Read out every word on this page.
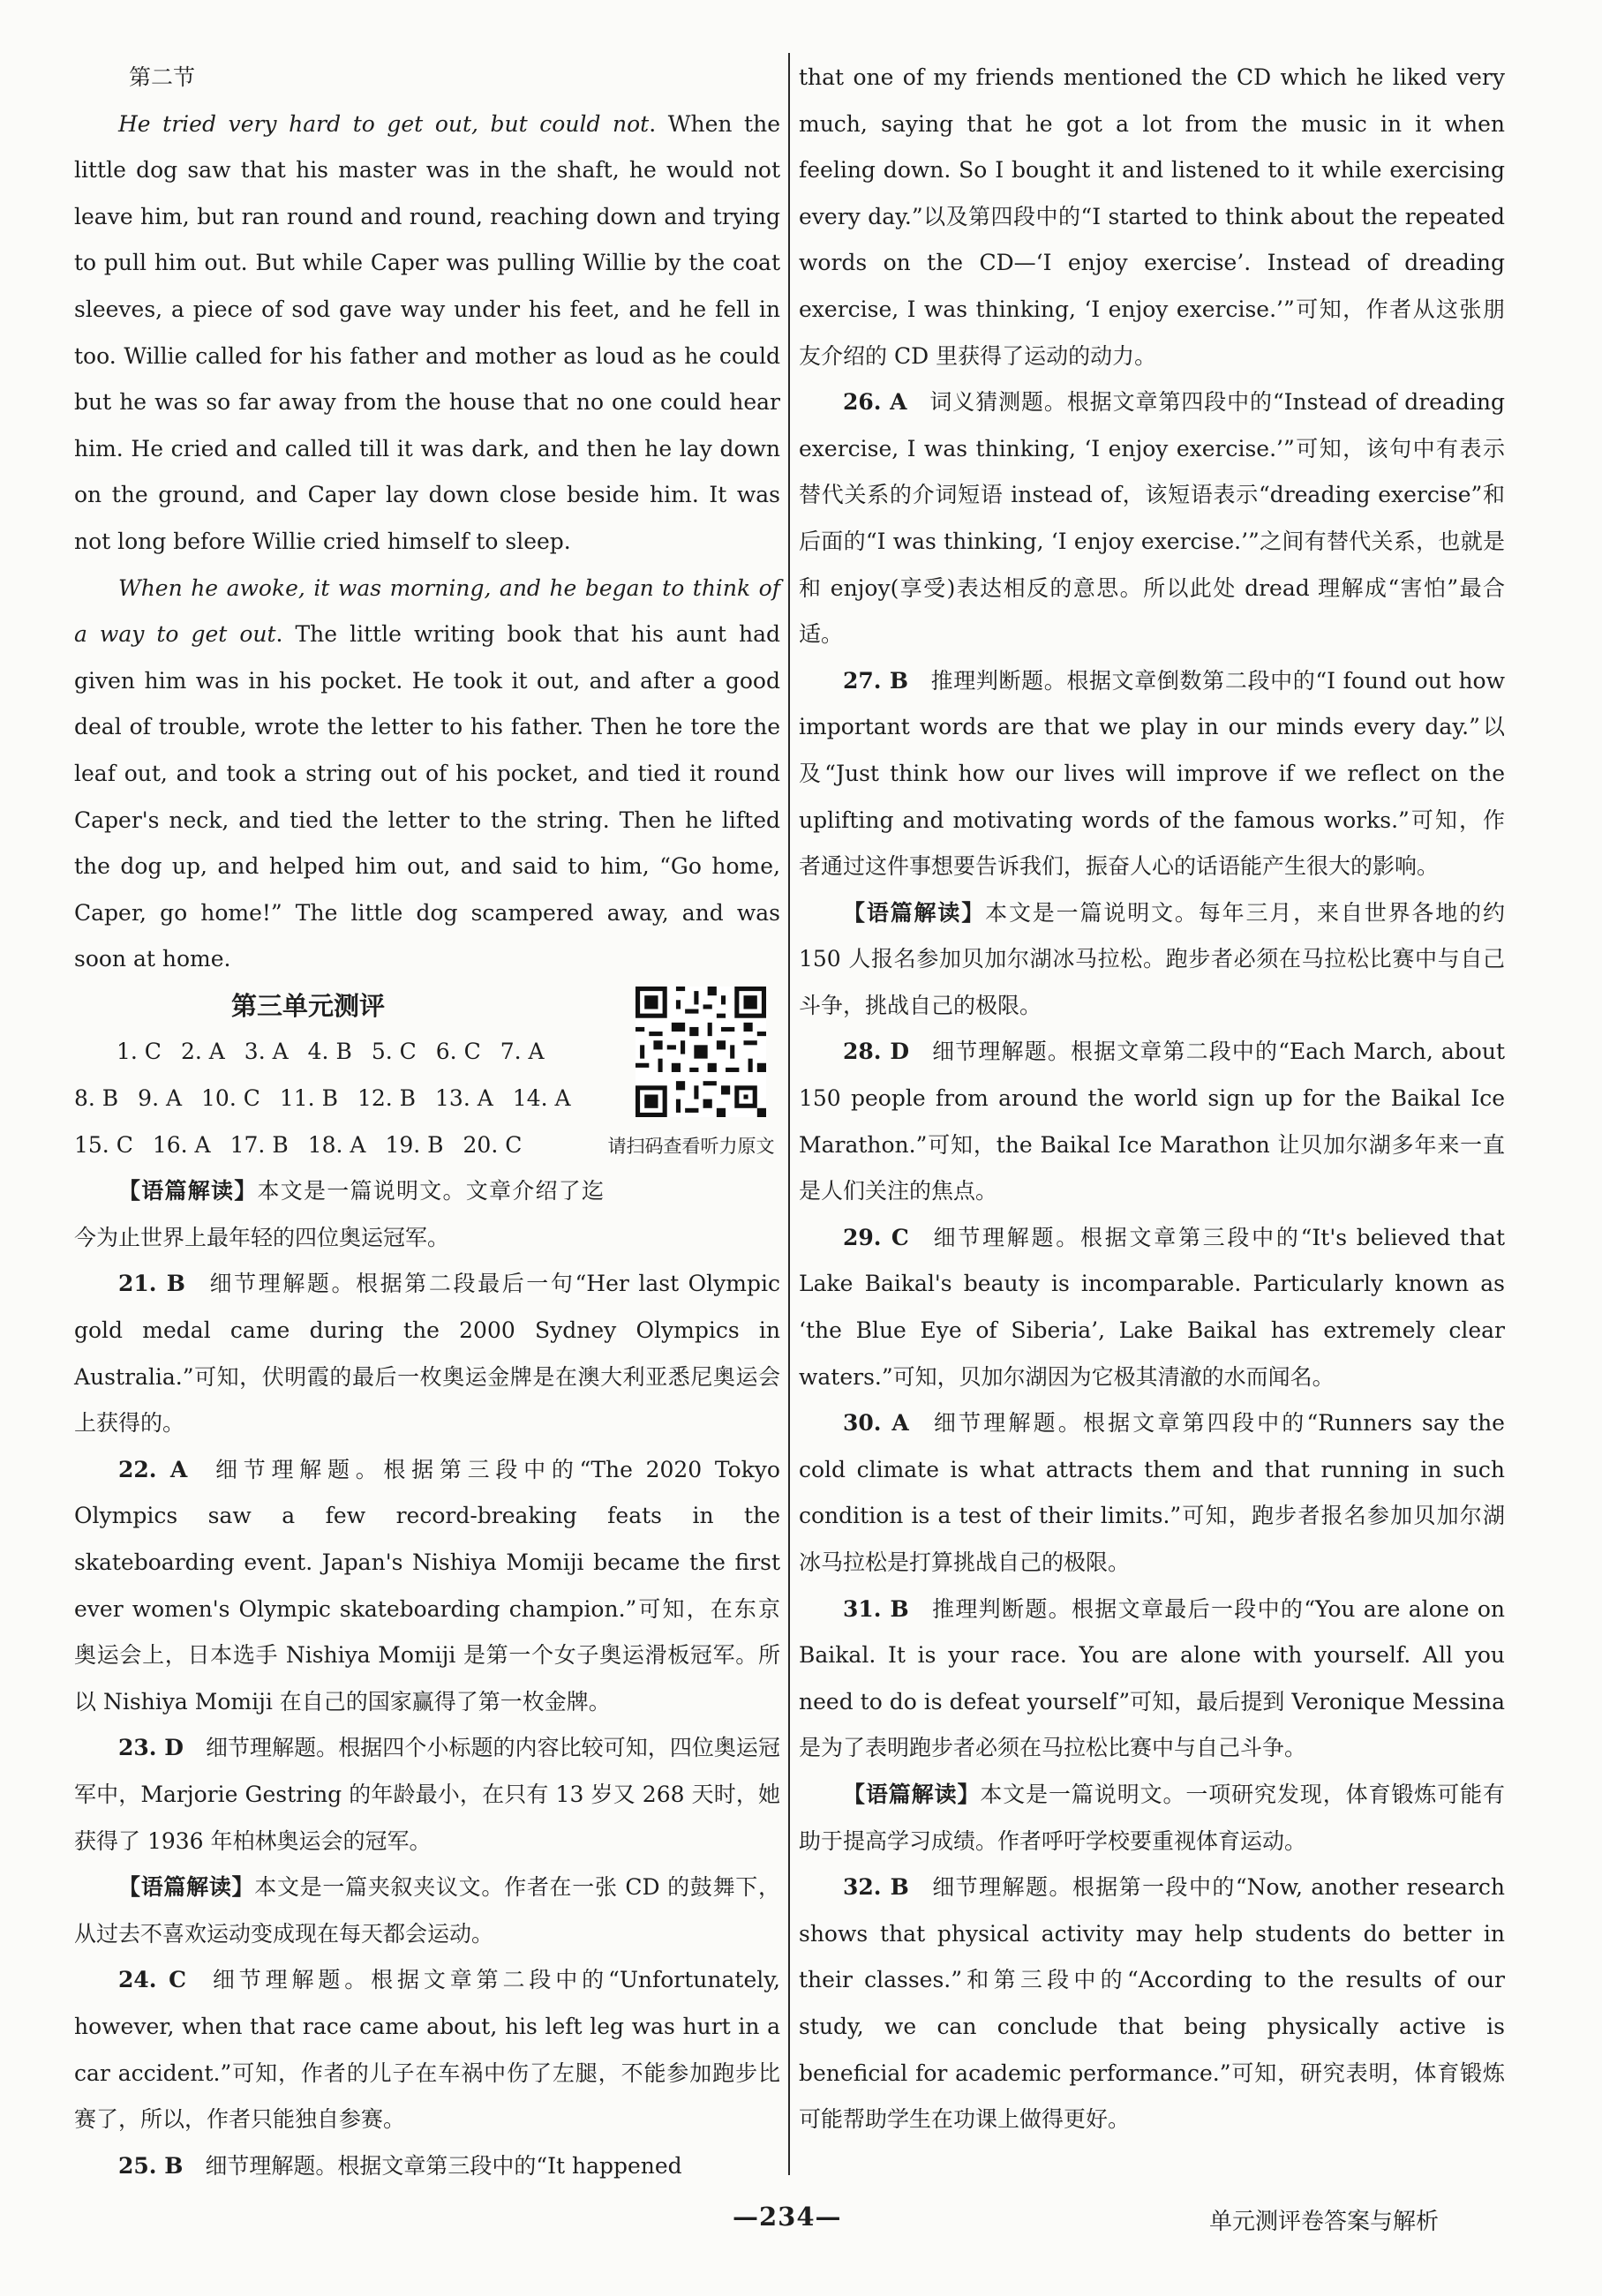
第二节

He tried very hard to get out, but could not. When the little dog saw that his master was in the shaft, he would not leave him, but ran round and round, reaching down and trying to pull him out. But while Caper was pulling Willie by the coat sleeves, a piece of sod gave way under his feet, and he fell in too. Willie called for his father and mother as loud as he could but he was so far away from the house that no one could hear him. He cried and called till it was dark, and then he lay down on the ground, and Caper lay down close beside him. It was not long before Willie cried himself to sleep.

When he awoke, it was morning, and he began to think of a way to get out. The little writing book that his aunt had given him was in his pocket. He took it out, and after a good deal of trouble, wrote the letter to his father. Then he tore the leaf out, and took a string out of his pocket, and tied it round Caper's neck, and tied the letter to the string. Then he lifted the dog up, and helped him out, and said to him, “Go home, Caper, go home!” The little dog scampered away, and was soon at home.

第三单元测评

1. C 2. A 3. A 4. B 5. C 6. C 7. A
8. B 9. A 10. C 11. B 12. B 13. A 14. A
15. C 16. A 17. B 18. A 19. B 20. C	请扫码查看听力原文

【语篇解读】本文是一篇说明文。文章介绍了迄今为止世界上最年轻的四位奥运冠军。

21. B  细节理解题。根据第二段最后一句“Her last Olympic gold medal came during the 2000 Sydney Olympics in Australia.”可知，伏明霞的最后一枚奥运金牌是在澳大利亚悉尼奥运会上获得的。

22. A  细节理解题。根据第三段中的“The 2020 Tokyo Olympics saw a few record-breaking feats in the skateboarding event. Japan's Nishiya Momiji became the first ever women's Olympic skateboarding champion.”可知，在东京奥运会上，日本选手 Nishiya Momiji 是第一个女子奥运滑板冠军。所以 Nishiya Momiji 在自己的国家赢得了第一枚金牌。

23. D  细节理解题。根据四个小标题的内容比较可知，四位奥运冠军中，Marjorie Gestring 的年龄最小，在只有 13 岁又 268 天时，她获得了 1936 年柏林奥运会的冠军。

【语篇解读】本文是一篇夹叙夹议文。作者在一张 CD 的鼓舞下，从过去不喜欢运动变成现在每天都会运动。

24. C  细节理解题。根据文章第二段中的“Unfortunately, however, when that race came about, his left leg was hurt in a car accident.”可知，作者的儿子在车祸中伤了左腿，不能参加跑步比赛了，所以，作者只能独自参赛。

25. B  细节理解题。根据文章第三段中的“It happened

that one of my friends mentioned the CD which he liked very much, saying that he got a lot from the music in it when feeling down. So I bought it and listened to it while exercising every day.”以及第四段中的“I started to think about the repeated words on the CD—‘I enjoy exercise’. Instead of dreading exercise, I was thinking, ‘I enjoy exercise.’”可知，作者从这张朋友介绍的 CD 里获得了运动的动力。

26. A  词义猜测题。根据文章第四段中的“Instead of dreading exercise, I was thinking, ‘I enjoy exercise.’”可知，该句中有表示替代关系的介词短语 instead of，该短语表示“dreading exercise”和后面的“I was thinking, ‘I enjoy exercise.’”之间有替代关系，也就是和 enjoy(享受)表达相反的意思。所以此处 dread 理解成“害怕”最合适。

27. B  推理判断题。根据文章倒数第二段中的“I found out how important words are that we play in our minds every day.”以及“Just think how our lives will improve if we reflect on the uplifting and motivating words of the famous works.”可知，作者通过这件事想要告诉我们，振奋人心的话语能产生很大的影响。

【语篇解读】本文是一篇说明文。每年三月，来自世界各地的约 150 人报名参加贝加尔湖冰马拉松。跑步者必须在马拉松比赛中与自己斗争，挑战自己的极限。

28. D  细节理解题。根据文章第二段中的“Each March, about 150 people from around the world sign up for the Baikal Ice Marathon.”可知，the Baikal Ice Marathon 让贝加尔湖多年来一直是人们关注的焦点。

29. C  细节理解题。根据文章第三段中的“It's believed that Lake Baikal's beauty is incomparable. Particularly known as ‘the Blue Eye of Siberia’, Lake Baikal has extremely clear waters.”可知，贝加尔湖因为它极其清澈的水而闻名。

30. A  细节理解题。根据文章第四段中的“Runners say the cold climate is what attracts them and that running in such condition is a test of their limits.”可知，跑步者报名参加贝加尔湖冰马拉松是打算挑战自己的极限。

31. B  推理判断题。根据文章最后一段中的“You are alone on Baikal. It is your race. You are alone with yourself. All you need to do is defeat yourself”可知，最后提到 Veronique Messina 是为了表明跑步者必须在马拉松比赛中与自己斗争。

【语篇解读】本文是一篇说明文。一项研究发现，体育锻炼可能有助于提高学习成绩。作者呼吁学校要重视体育运动。

32. B  细节理解题。根据第一段中的“Now, another research shows that physical activity may help students do better in their classes.”和第三段中的“According to the results of our study, we can conclude that being physically active is beneficial for academic performance.”可知，研究表明，体育锻炼可能帮助学生在功课上做得更好。

—234—	单元测评卷答案与解析
